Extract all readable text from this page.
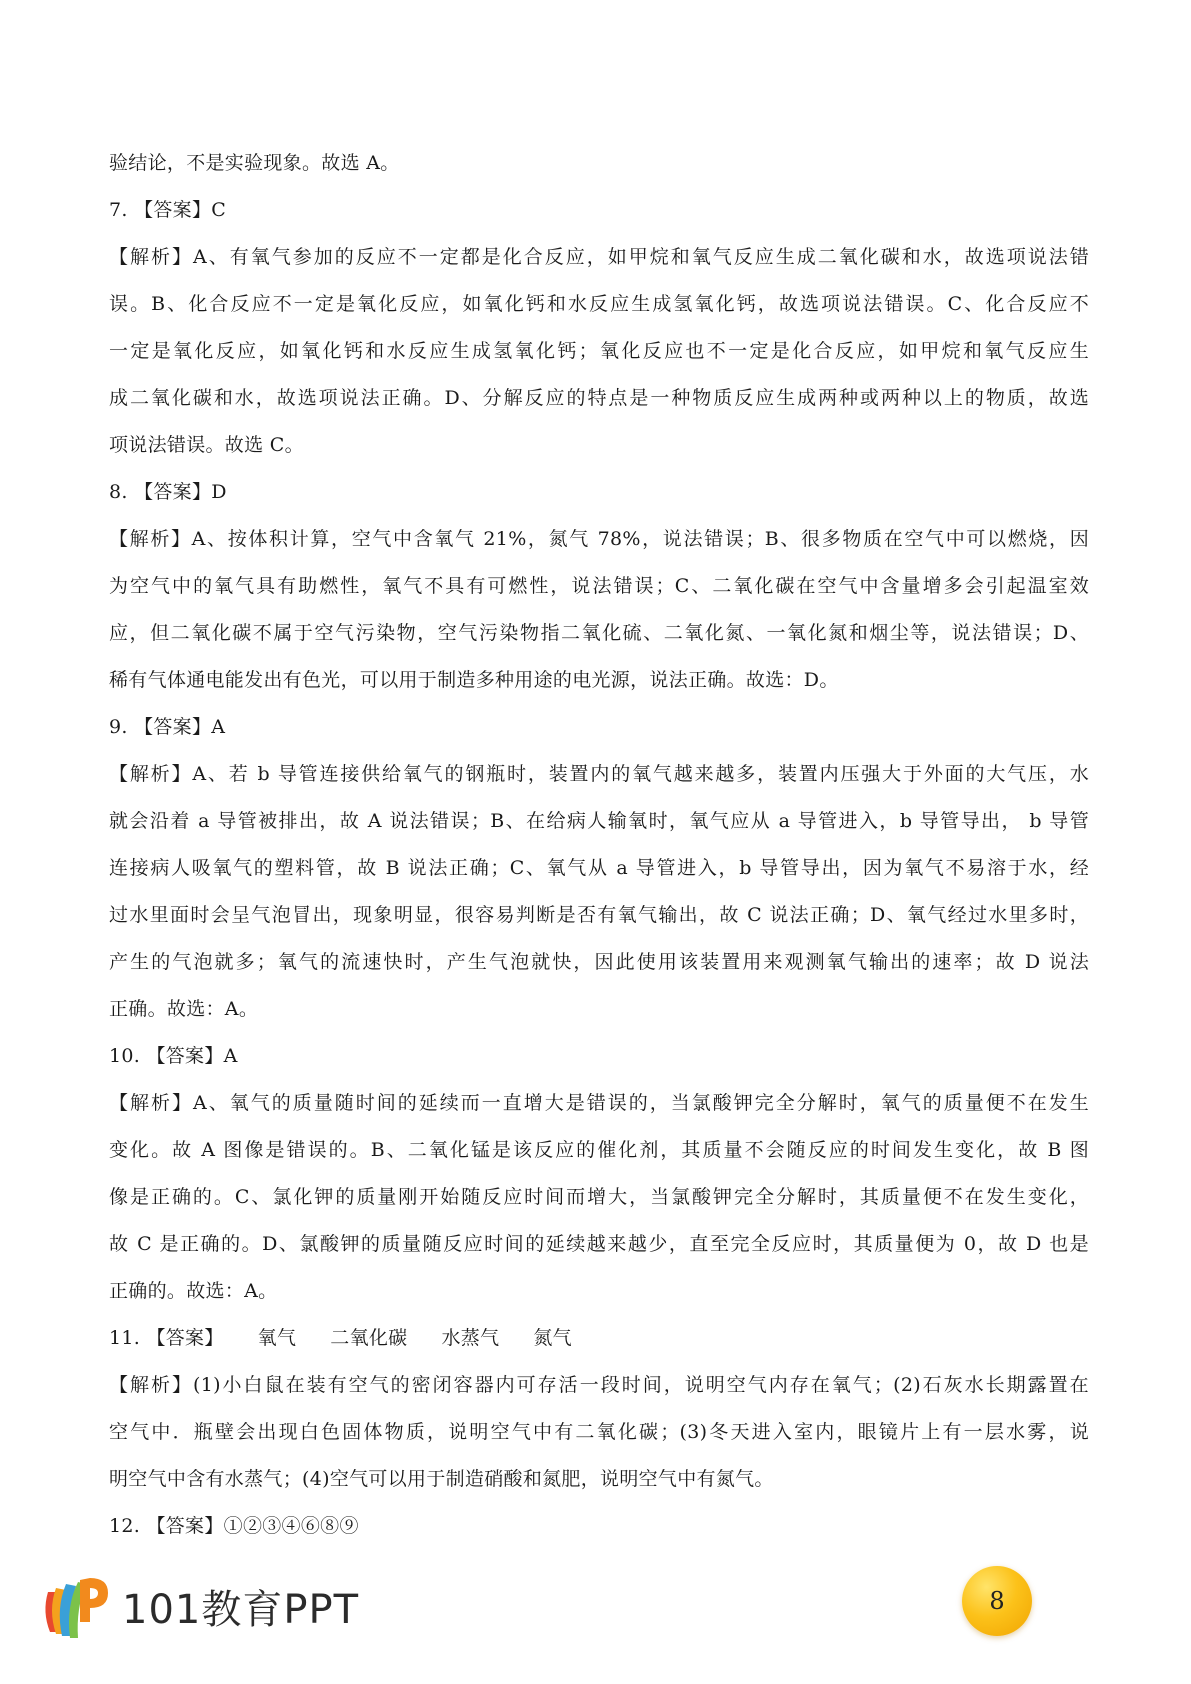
验结论，不是实验现象。故选 A。
7. 【答案】C
【解析】A、有氧气参加的反应不一定都是化合反应，如甲烷和氧气反应生成二氧化碳和水，故选项说法错
误。B、化合反应不一定是氧化反应，如氧化钙和水反应生成氢氧化钙，故选项说法错误。C、化合反应不
一定是氧化反应，如氧化钙和水反应生成氢氧化钙；氧化反应也不一定是化合反应，如甲烷和氧气反应生
成二氧化碳和水，故选项说法正确。D、分解反应的特点是一种物质反应生成两种或两种以上的物质，故选
项说法错误。故选 C。
8. 【答案】D
【解析】A、按体积计算，空气中含氧气 21%，氮气 78%，说法错误；B、很多物质在空气中可以燃烧，因
为空气中的氧气具有助燃性，氧气不具有可燃性，说法错误；C、二氧化碳在空气中含量增多会引起温室效
应，但二氧化碳不属于空气污染物，空气污染物指二氧化硫、二氧化氮、一氧化氮和烟尘等，说法错误；D、
稀有气体通电能发出有色光，可以用于制造多种用途的电光源，说法正确。故选：D。
9. 【答案】A
【解析】A、若 b 导管连接供给氧气的钢瓶时，装置内的氧气越来越多，装置内压强大于外面的大气压，水
就会沿着 a 导管被排出，故 A 说法错误；B、在给病人输氧时，氧气应从 a 导管进入，b 导管导出， b 导管
连接病人吸氧气的塑料管，故 B 说法正确；C、氧气从 a 导管进入，b 导管导出，因为氧气不易溶于水，经
过水里面时会呈气泡冒出，现象明显，很容易判断是否有氧气输出，故 C 说法正确；D、氧气经过水里多时，
产生的气泡就多；氧气的流速快时，产生气泡就快，因此使用该装置用来观测氧气输出的速率；故 D 说法
正确。故选：A。
10. 【答案】A
【解析】A、氧气的质量随时间的延续而一直增大是错误的，当氯酸钾完全分解时，氧气的质量便不在发生
变化。故 A 图像是错误的。B、二氧化锰是该反应的催化剂，其质量不会随反应的时间发生变化，故 B 图
像是正确的。C、氯化钾的质量刚开始随反应时间而增大，当氯酸钾完全分解时，其质量便不在发生变化，
故 C 是正确的。D、氯酸钾的质量随反应时间的延续越来越少，直至完全反应时，其质量便为 0，故 D 也是
正确的。故选：A。
11. 【答案】 氧气 二氧化碳 水蒸气 氮气
【解析】(1)小白鼠在装有空气的密闭容器内可存活一段时间，说明空气内存在氧气；(2)石灰水长期露置在
空气中．瓶壁会出现白色固体物质，说明空气中有二氧化碳；(3)冬天进入室内，眼镜片上有一层水雾，说
明空气中含有水蒸气；(4)空气可以用于制造硝酸和氮肥，说明空气中有氮气。
12. 【答案】①②③④⑥⑧⑨
101教育PPT	8
